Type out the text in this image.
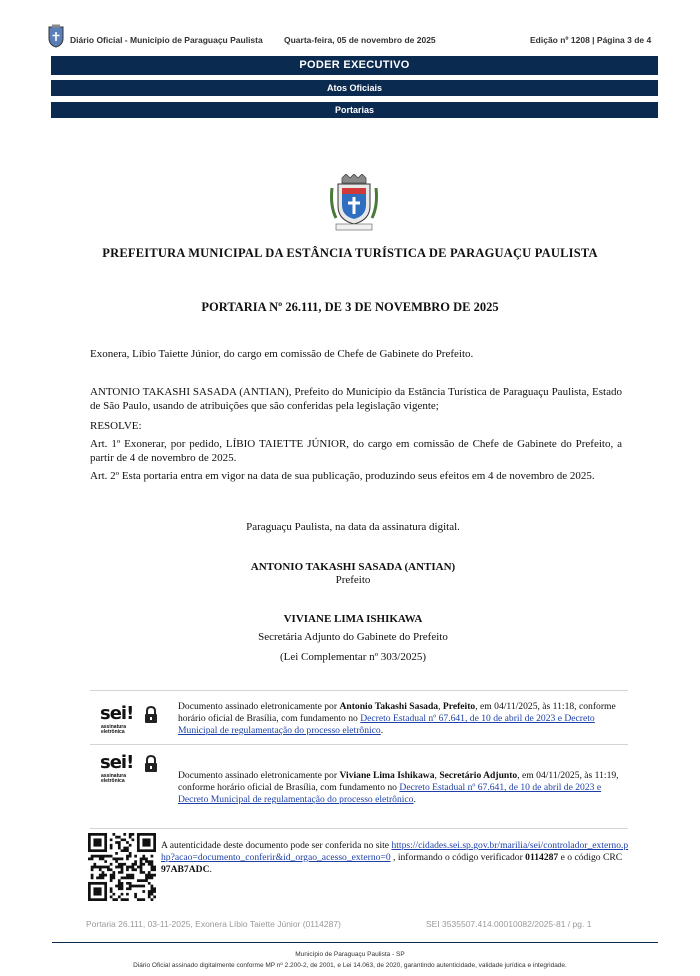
Diário Oficial - Município de Paraguaçu Paulista	Quarta-feira, 05 de novembro de 2025	Edição nº 1208 | Página 3 de 4
PODER EXECUTIVO
Atos Oficiais
Portarias
PREFEITURA MUNICIPAL DA ESTÂNCIA TURÍSTICA DE PARAGUAÇU PAULISTA
PORTARIA Nº 26.111, DE 3 DE NOVEMBRO DE 2025
Exonera, Líbio Taiette Júnior, do cargo em comissão de Chefe de Gabinete do Prefeito.
ANTONIO TAKASHI SASADA (ANTIAN), Prefeito do Município da Estância Turística de Paraguaçu Paulista, Estado de São Paulo, usando de atribuições que são conferidas pela legislação vigente;
RESOLVE:
Art. 1º Exonerar, por pedido, LÍBIO TAIETTE JÚNIOR, do cargo em comissão de Chefe de Gabinete do Prefeito, a partir de 4 de novembro de 2025.
Art. 2º Esta portaria entra em vigor na data de sua publicação, produzindo seus efeitos em 4 de novembro de 2025.
Paraguaçu Paulista, na data da assinatura digital.
ANTONIO TAKASHI SASADA (ANTIAN)
Prefeito
VIVIANE LIMA ISHIKAWA
Secretária Adjunto do Gabinete do Prefeito
(Lei Complementar nº 303/2025)
sei!
assinatura
eletrônica
Documento assinado eletronicamente por Antonio Takashi Sasada, Prefeito, em 04/11/2025, às 11:18, conforme horário oficial de Brasília, com fundamento no Decreto Estadual nº 67.641, de 10 de abril de 2023 e Decreto Municipal de regulamentação do processo eletrônico.
sei!
assinatura
eletrônica	Documento assinado eletronicamente por Viviane Lima Ishikawa, Secretário Adjunto, em 04/11/2025, às 11:19, conforme horário oficial de Brasília, com fundamento no Decreto Estadual nº 67.641, de 10 de abril de 2023 e Decreto Municipal de regulamentação do processo eletrônico.
A autenticidade deste documento pode ser conferida no site https://cidades.sei.sp.gov.br/marilia/sei/controlador_externo.php?acao=documento_conferir&id_orgao_acesso_externo=0 , informando o código verificador 0114287 e o código CRC 97AB7ADC.
Portaria 26.111, 03-11-2025, Exonera Líbio Taiette Júnior (0114287)	SEI 3535507.414.00010082/2025-81 / pg. 1
Município de Paraguaçu Paulista - SP
Diário Oficial assinado digitalmente conforme MP nº 2.200-2, de 2001, e Lei 14.063, de 2020, garantindo autenticidade, validade jurídica e integridade.
